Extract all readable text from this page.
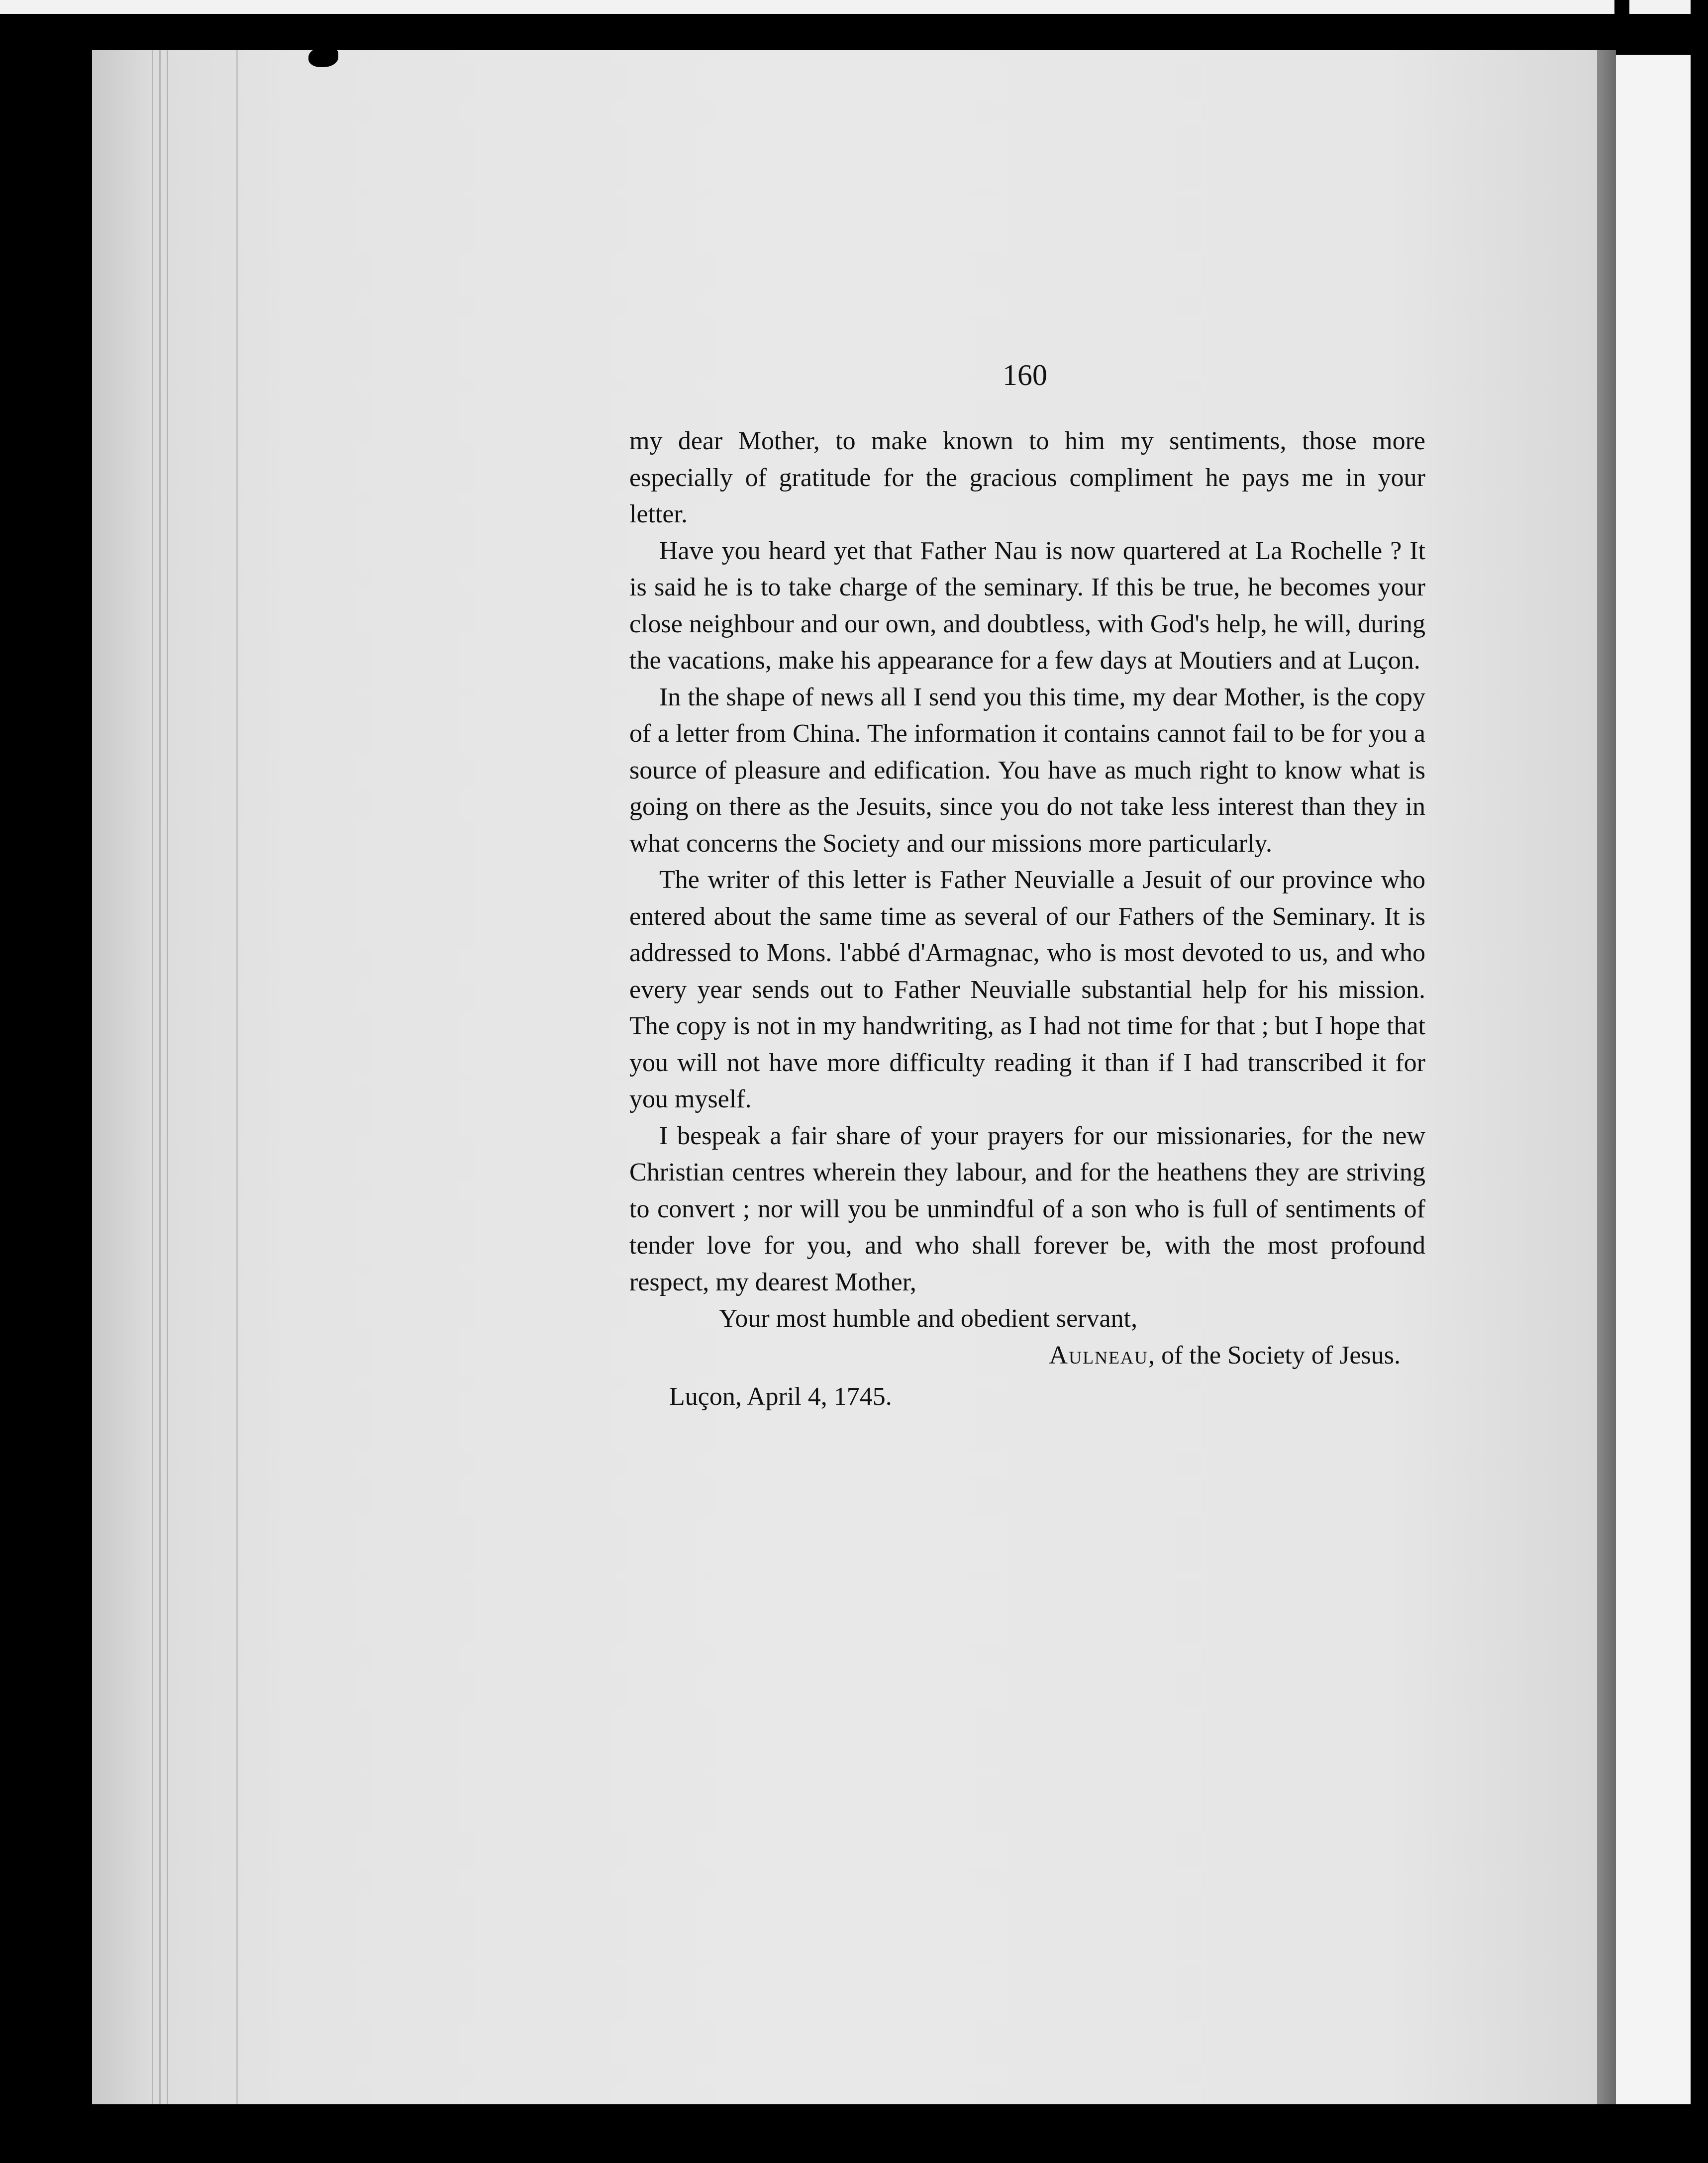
160

my dear Mother, to make known to him my sentiments, those more especially of gratitude for the gracious compliment he pays me in your letter.

Have you heard yet that Father Nau is now quartered at La Rochelle ? It is said he is to take charge of the seminary. If this be true, he becomes your close neighbour and our own, and doubtless, with God's help, he will, during the vacations, make his appearance for a few days at Moutiers and at Luçon.

In the shape of news all I send you this time, my dear Mother, is the copy of a letter from China. The information it contains cannot fail to be for you a source of pleasure and edification. You have as much right to know what is going on there as the Jesuits, since you do not take less interest than they in what concerns the Society and our missions more particularly.

The writer of this letter is Father Neuvialle a Jesuit of our province who entered about the same time as several of our Fathers of the Seminary. It is addressed to Mons. l'abbé d'Armagnac, who is most devoted to us, and who every year sends out to Father Neuvialle substantial help for his mission. The copy is not in my handwriting, as I had not time for that ; but I hope that you will not have more difficulty reading it than if I had transcribed it for you myself.

I bespeak a fair share of your prayers for our missionaries, for the new Christian centres wherein they labour, and for the heathens they are striving to convert ; nor will you be unmindful of a son who is full of sentiments of tender love for you, and who shall forever be, with the most profound respect, my dearest Mother,

Your most humble and obedient servant,

Aulneau, of the Society of Jesus.

Luçon, April 4, 1745.
